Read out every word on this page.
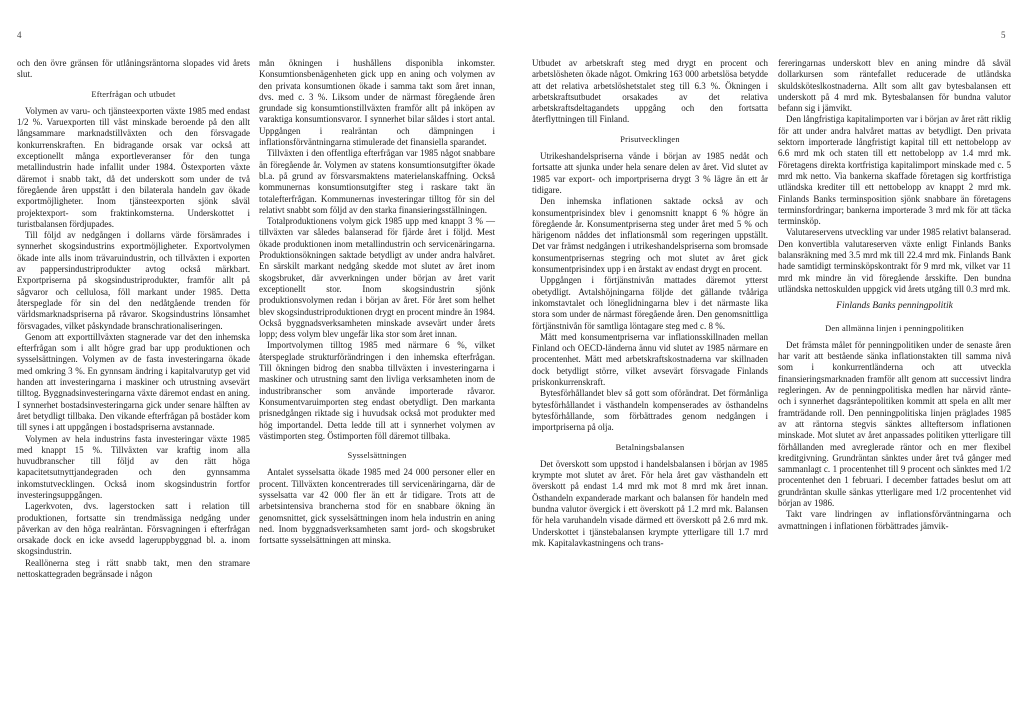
4	5

och den övre gränsen för utlåningsräntorna slopades vid årets slut.

Efterfrågan och utbudet

Volymen av varu- och tjänsteexporten växte 1985 med endast 1/2 %. Varuexporten till väst minskade beroende på den allt långsammare marknadstillväxten och den försvagade konkurrenskraften. En bidragande orsak var också att exceptionellt många exportleveranser för den tunga metallindustrin hade infallit under 1984. Östexporten växte däremot i snabb takt, då det underskott som under de två föregående åren uppstått i den bilaterala handeln gav ökade exportmöjligheter. Inom tjänsteexporten sjönk såväl projektexport- som fraktinkomsterna. Underskottet i turistbalansen fördjupades.

Till följd av nedgången i dollarns värde försämrades i synnerhet skogsindustrins exportmöjligheter. Exportvolymen ökade inte alls inom trävaruindustrin, och tillväxten i exporten av pappersindustriprodukter avtog också märkbart. Exportpriserna på skogsindustriprodukter, framför allt på sågvaror och cellulosa, föll markant under 1985. Detta återspeglade för sin del den nedåtgående trenden för världsmarknadspriserna på råvaror. Skogsindustrins lönsamhet försvagades, vilket påskyndade branschrationaliseringen.

Genom att exporttillväxten stagnerade var det den inhemska efterfrågan som i allt högre grad bar upp produktionen och sysselsättningen. Volymen av de fasta investeringarna ökade med omkring 3 %. En gynnsam ändring i kapitalvarutyp get vid handen att investeringarna i maskiner och utrustning avsevärt tilltog. Byggnadsinvesteringarna växte däremot endast en aning. I synnerhet bostadsinvesteringarna gick under senare hälften av året betydligt tillbaka. Den vikande efterfrågan på bostäder kom till synes i att uppgången i bostadspriserna avstannade.

Volymen av hela industrins fasta investeringar växte 1985 med knappt 15 %. Tillväxten var kraftig inom alla huvudbranscher till följd av den rätt höga kapacitetsutnyttjandegraden och den gynnsamma inkomstutvecklingen. Också inom skogsindustrin fortfor investeringsuppgången.

Lagerkvoten, dvs. lagerstocken satt i relation till produktionen, fortsatte sin trendmässiga nedgång under påverkan av den höga realräntan. Försvagningen i efterfrågan orsakade dock en icke avsedd lageruppbyggnad bl. a. inom skogsindustrin.

Reallönerna steg i rätt snabb takt, men den stramare nettoskattegraden begränsade i någon

mån ökningen i hushållens disponibla inkomster. Konsumtionsbenägenheten gick upp en aning och volymen av den privata konsumtionen ökade i samma takt som året innan, dvs. med c. 3 %. Liksom under de närmast föregående åren grundade sig konsumtionstillväxten framför allt på inköpen av varaktiga konsumtionsvaror. I synnerhet bilar såldes i stort antal. Uppgången i realräntan och dämpningen i inflationsförväntningarna stimulerade det finansiella sparandet.

Tillväxten i den offentliga efterfrågan var 1985 något snabbare än föregående år. Volymen av statens konsumtionsutgifter ökade bl.a. på grund av försvarsmaktens materielanskaffning. Också kommunernas konsumtionsutgifter steg i raskare takt än totalefterfrågan. Kommunernas investeringar tilltog för sin del relativt snabbt som följd av den starka finansieringsställningen.

Totalproduktionens volym gick 1985 upp med knappt 3 % — tillväxten var således balanserad för fjärde året i följd. Mest ökade produktionen inom metallindustrin och servicenäringarna. Produktionsökningen saktade betydligt av under andra halvåret. En särskilt markant nedgång skedde mot slutet av året inom skogsbruket, där avverkningen under början av året varit exceptionellt stor. Inom skogsindustrin sjönk produktionsvolymen redan i början av året. För året som helhet blev skogsindustriproduktionen drygt en procent mindre än 1984. Också byggnadsverksamheten minskade avsevärt under årets lopp; dess volym blev ungefär lika stor som året innan.

Importvolymen tilltog 1985 med närmare 6 %, vilket återspeglade strukturförändringen i den inhemska efterfrågan. Till ökningen bidrog den snabba tillväxten i investeringarna i maskiner och utrustning samt den livliga verksamheten inom de industribranscher som använde importerade råvaror. Konsumentvaruimporten steg endast obetydligt. Den markanta prisnedgången riktade sig i huvudsak också mot produkter med hög importandel. Detta ledde till att i synnerhet volymen av västimporten steg. Östimporten föll däremot tillbaka.

Sysselsättningen

Antalet sysselsatta ökade 1985 med 24 000 personer eller en procent. Tillväxten koncentrerades till servicenäringarna, där de sysselsatta var 42 000 fler än ett år tidigare. Trots att de arbetsintensiva brancherna stod för en snabbare ökning än genomsnittet, gick sysselsättningen inom hela industrin en aning ned. Inom byggnadsverksamheten samt jord- och skogsbruket fortsatte sysselsättningen att minska.

Utbudet av arbetskraft steg med drygt en procent och arbetslösheten ökade något. Omkring 163 000 arbetslösa betydde att det relativa arbetslöshetstalet steg till 6.3 %. Ökningen i arbetskraftsutbudet orsakades av det relativa arbetskraftsdeltagandets uppgång och den fortsatta återflyttningen till Finland.

Prisutvecklingen

Utrikeshandelspriserna vände i början av 1985 nedåt och fortsatte att sjunka under hela senare delen av året. Vid slutet av 1985 var export- och importpriserna drygt 3 % lägre än ett år tidigare.

Den inhemska inflationen saktade också av och konsumentprisindex blev i genomsnitt knappt 6 % högre än föregående år. Konsumentpriserna steg under året med 5 % och härigenom nåddes det inflationsmål som regeringen uppställt. Det var främst nedgången i utrikeshandelspriserna som bromsade konsumentprisernas stegring och mot slutet av året gick konsumentprisindex upp i en årstakt av endast drygt en procent.

Uppgången i förtjänstnivån mattades däremot ytterst obetydligt. Avtalshöjningarna följde det gällande tvååriga inkomstavtalet och löneglidningarna blev i det närmaste lika stora som under de närmast föregående åren. Den genomsnittliga förtjänstnivån för samtliga löntagare steg med c. 8 %.

Mätt med konsumentpriserna var inflationsskillnaden mellan Finland och OECD-länderna ännu vid slutet av 1985 närmare en procentenhet. Mätt med arbetskraftskostnaderna var skillnaden dock betydligt större, vilket avsevärt försvagade Finlands priskonkurrenskraft.

Bytesförhållandet blev så gott som oförändrat. Det förmånliga bytesförhållandet i västhandeln kompenserades av östhandelns bytesförhållande, som förbättrades genom nedgången i importpriserna på olja.

Betalningsbalansen

Det överskott som uppstod i handelsbalansen i början av 1985 krympte mot slutet av året. För hela året gav västhandeln ett överskott på endast 1.4 mrd mk mot 8 mrd mk året innan. Östhandeln expanderade markant och balansen för handeln med bundna valutor övergick i ett överskott på 1.2 mrd mk. Balansen för hela varuhandeln visade därmed ett överskott på 2.6 mrd mk. Underskottet i tjänstebalansen krympte ytterligare till 1.7 mrd mk. Kapitalavkastningens och trans-

fereringarnas underskott blev en aning mindre då såväl dollarkursen som räntefallet reducerade de utländska skuldsköteslkostnaderna. Allt som allt gav bytesbalansen ett underskott på 4 mrd mk. Bytesbalansen för bundna valutor befann sig i jämvikt.

Den långfristiga kapitalimporten var i början av året rätt riklig för att under andra halvåret mattas av betydligt. Den privata sektorn importerade långfristigt kapital till ett nettobelopp av 6.6 mrd mk och staten till ett nettobelopp av 1.4 mrd mk. Företagens direkta kortfristiga kapitalimport minskade med c. 5 mrd mk netto. Via bankerna skaffade företagen sig kortfristiga utländska krediter till ett nettobelopp av knappt 2 mrd mk. Finlands Banks terminsposition sjönk snabbare än företagens terminsfordringar; bankerna importerade 3 mrd mk för att täcka terminsköp.

Valutareservens utveckling var under 1985 relativt balanserad. Den konvertibla valutareserven växte enligt Finlands Banks balansräkning med 3.5 mrd mk till 22.4 mrd mk. Finlands Bank hade samtidigt terminsköpskontrakt för 9 mrd mk, vilket var 11 mrd mk mindre än vid föregående årsskifte. Den bundna utländska nettoskulden uppgick vid årets utgång till 0.3 mrd mk.

Finlands Banks penningpolitik
Den allmänna linjen i penningpolitiken

Det främsta målet för penningpolitiken under de senaste åren har varit att bestående sänka inflationstakten till samma nivå som i konkurrentländerna och att utveckla finansieringsmarknaden framför allt genom att successivt lindra regleringen. Av de penningpolitiska medlen har närvid ränte- och i synnerhet dagsräntepolitiken kommit att spela en allt mer framträdande roll. Den penningpolitiska linjen präglades 1985 av att räntorna stegvis sänktes allteftersom inflationen minskade. Mot slutet av året anpassades politiken ytterligare till förhållanden med avreglerade räntor och en mer flexibel kreditgivning. Grundräntan sänktes under året två gånger med sammanlagt c. 1 procentenhet till 9 procent och sänktes med 1/2 procentenhet den 1 februari. I december fattades beslut om att grundräntan skulle sänkas ytterligare med 1/2 procentenhet vid början av 1986.

Takt vare lindringen av inflationsförväntningarna och avmattningen i inflationen förbättrades jämvik-
